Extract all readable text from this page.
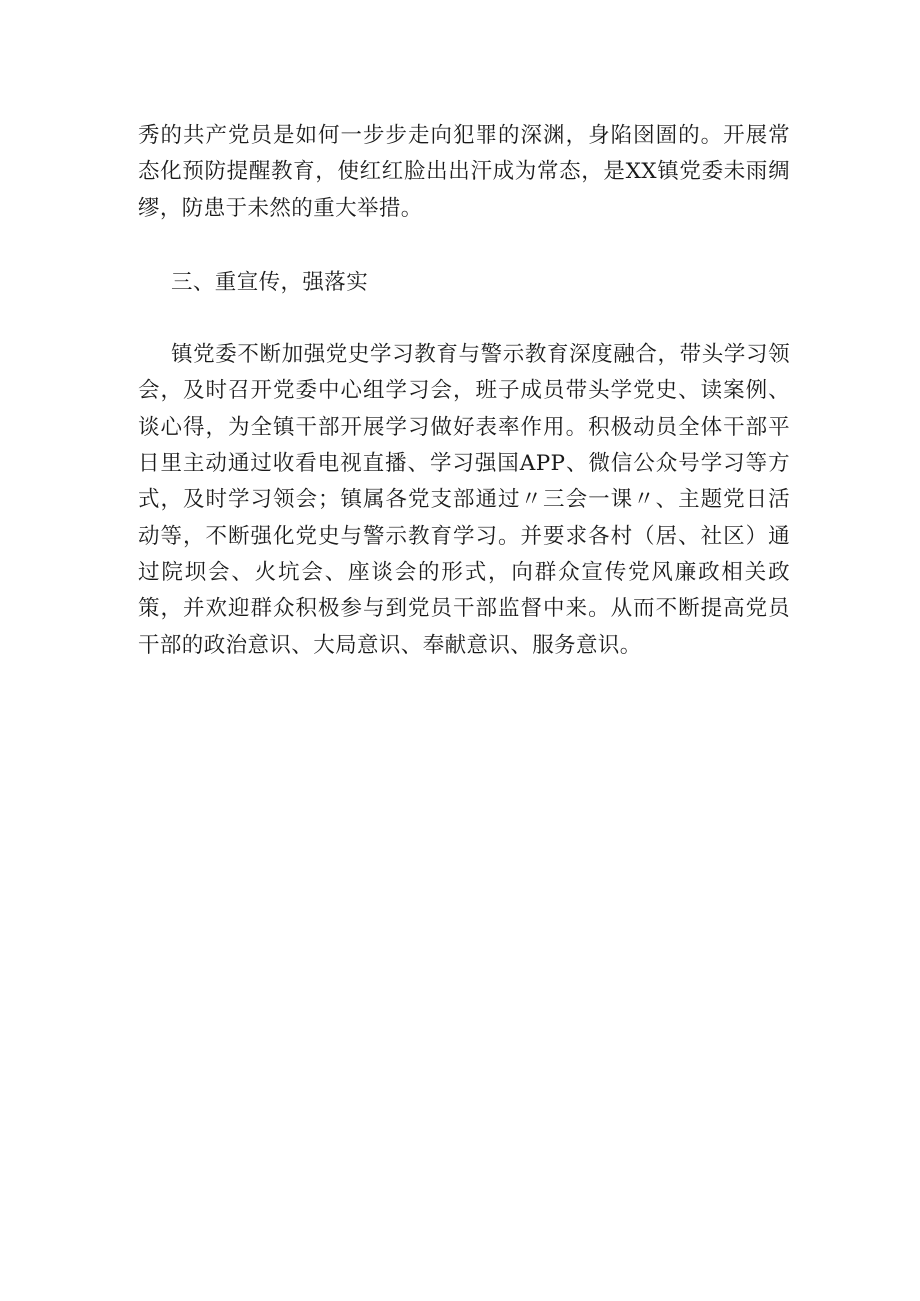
秀的共产党员是如何一步步走向犯罪的深渊，身陷囹圄的。开展常态化预防提醒教育，使红红脸出出汗成为常态，是XX镇党委未雨绸缪，防患于未然的重大举措。

三、重宣传，强落实

镇党委不断加强党史学习教育与警示教育深度融合，带头学习领会，及时召开党委中心组学习会，班子成员带头学党史、读案例、谈心得，为全镇干部开展学习做好表率作用。积极动员全体干部平日里主动通过收看电视直播、学习强国APP、微信公众号学习等方式，及时学习领会；镇属各党支部通过〃三会一课〃、主题党日活动等，不断强化党史与警示教育学习。并要求各村（居、社区）通过院坝会、火坑会、座谈会的形式，向群众宣传党风廉政相关政策，并欢迎群众积极参与到党员干部监督中来。从而不断提高党员干部的政治意识、大局意识、奉献意识、服务意识。
